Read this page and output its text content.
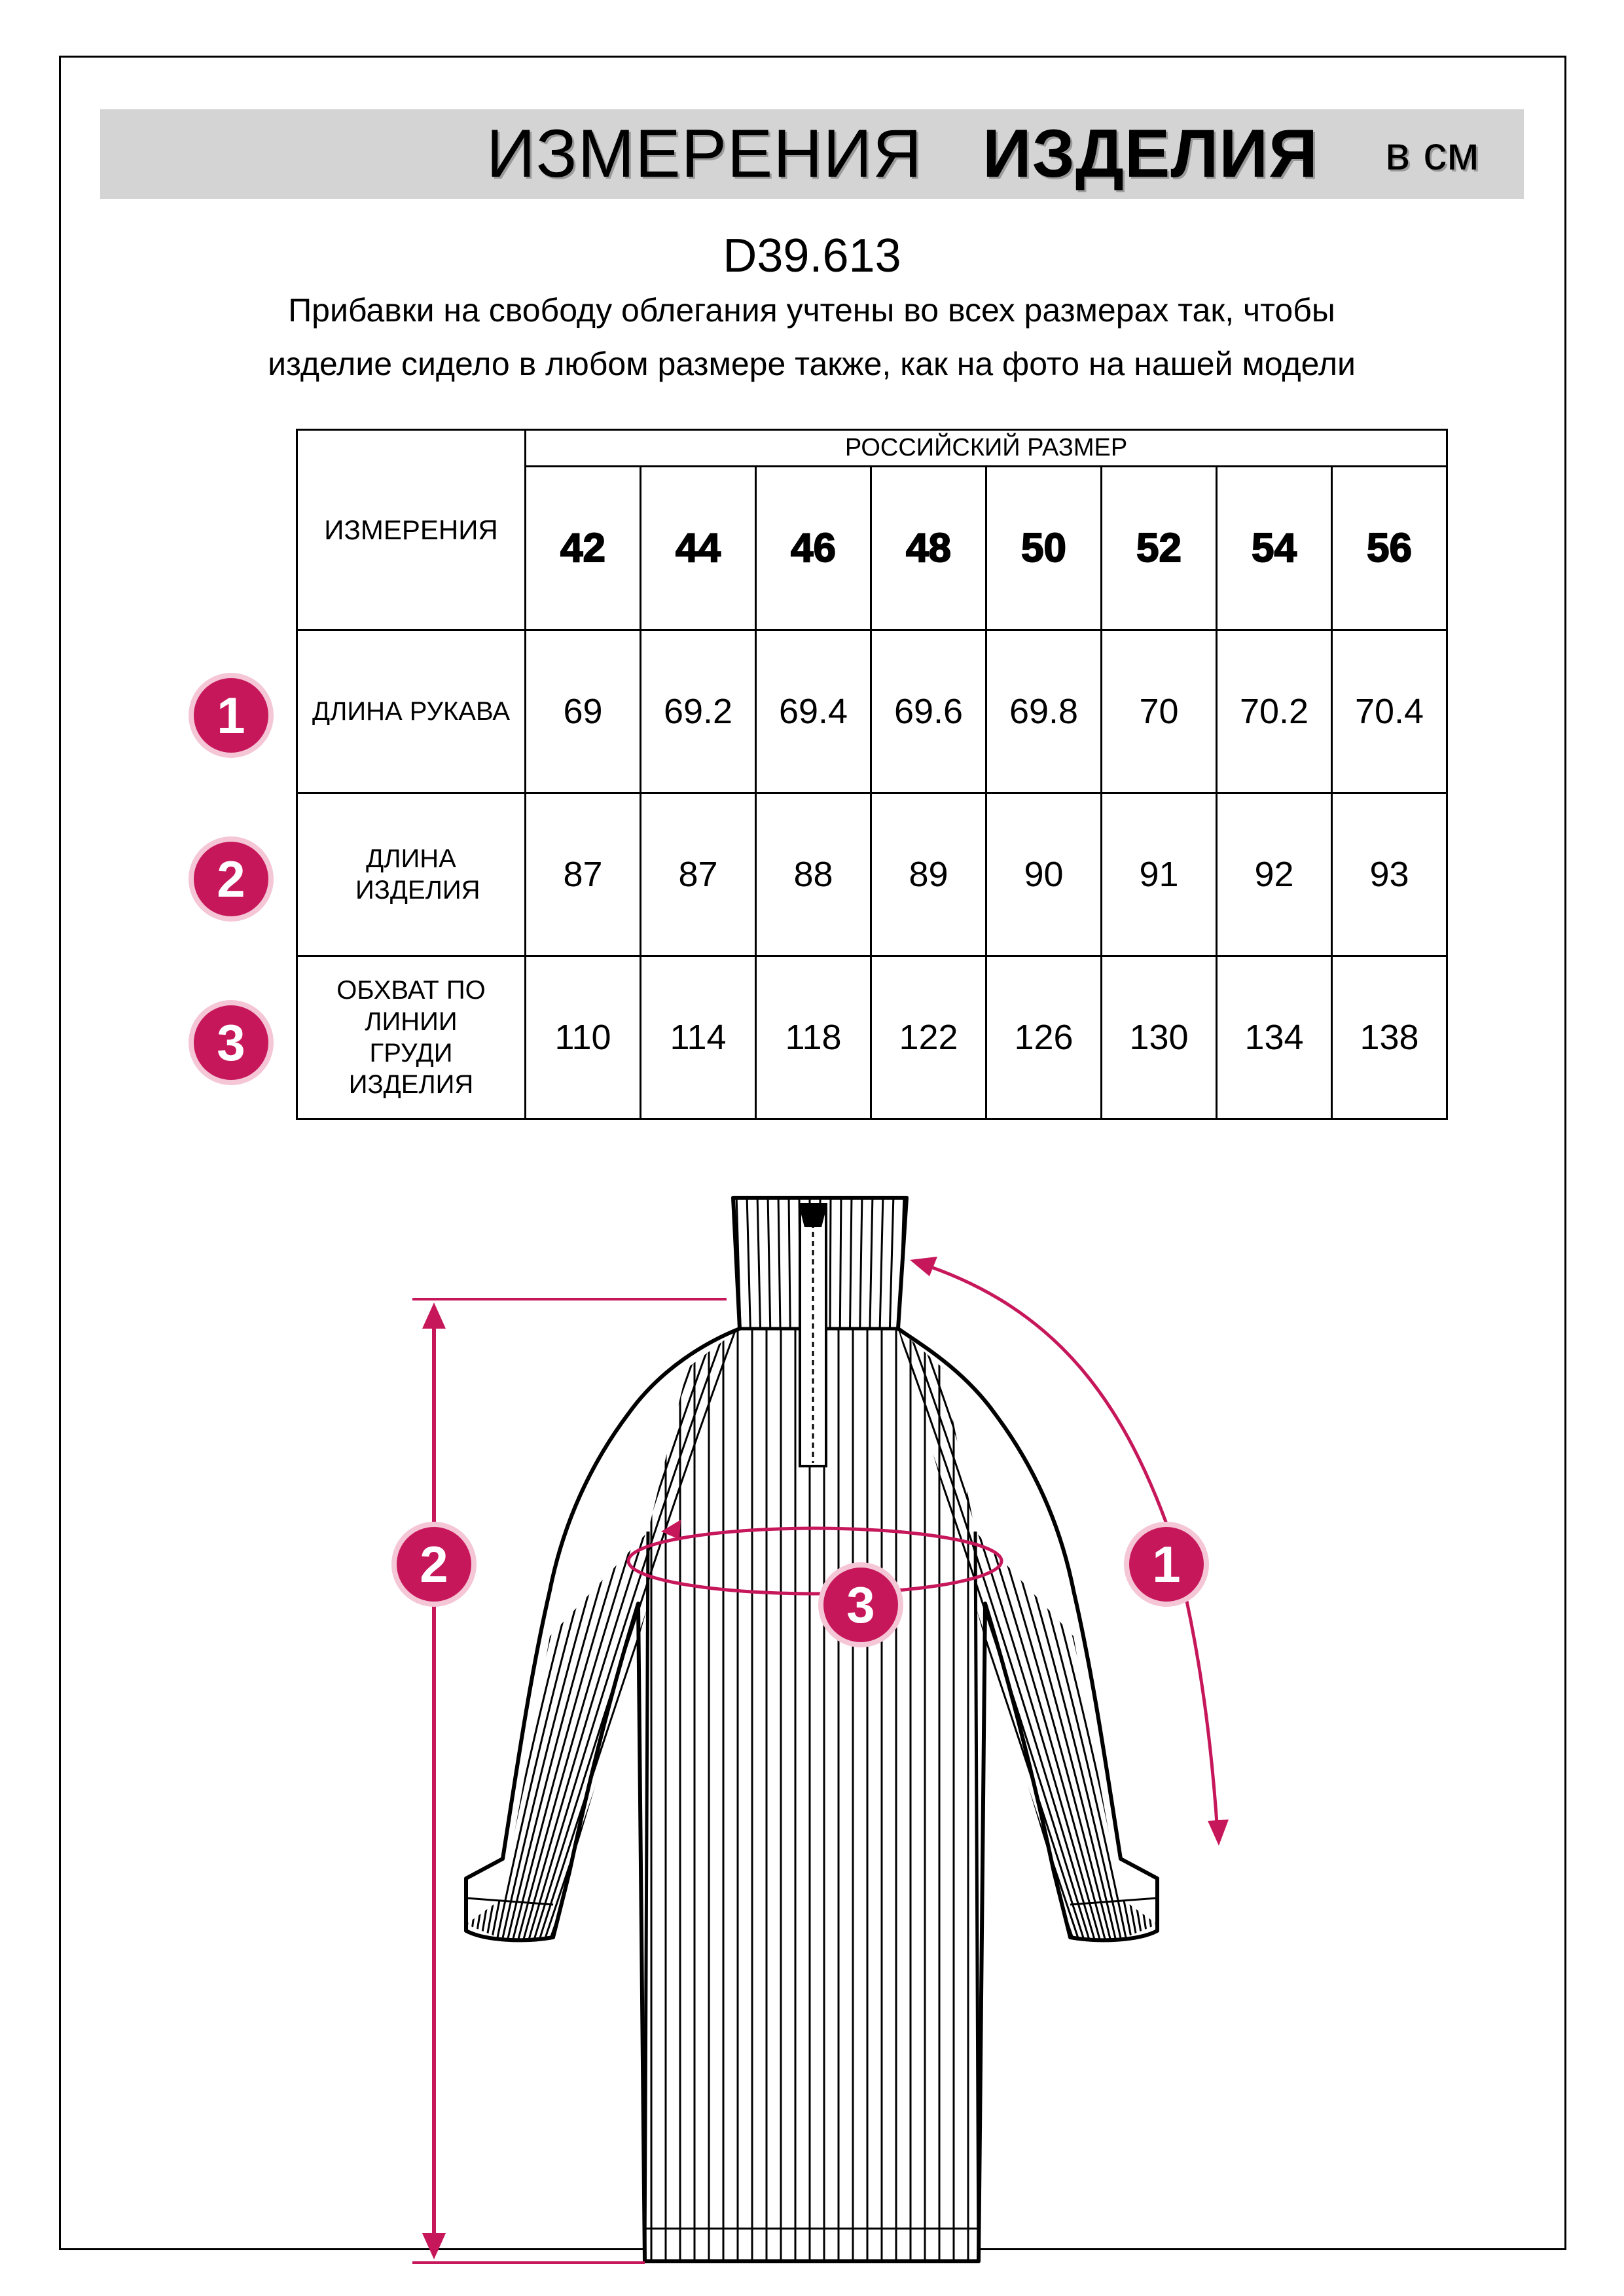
ИЗМЕРЕНИЯ ИЗДЕЛИЯ в см
D39.613
Прибавки на свободу облегания учтены во всех размерах так, чтобы изделие сидело в любом размере также, как на фото на нашей модели
ИЗМЕРЕНИЯ	РОССИЙСКИЙ РАЗМЕР							
	42	44	46	48	50	52	54	56
ДЛИНА РУКАВА	69	69.2	69.4	69.6	69.8	70	70.2	70.4

ДЛИНА ИЗДЕЛИЯ	87	87	88	89	90	91	92	93

ОБХВАТ ПО ЛИНИИ ГРУДИ ИЗДЕЛИЯ	110	114	118	122	126	130	134	138
1
2
3
1
2
3
